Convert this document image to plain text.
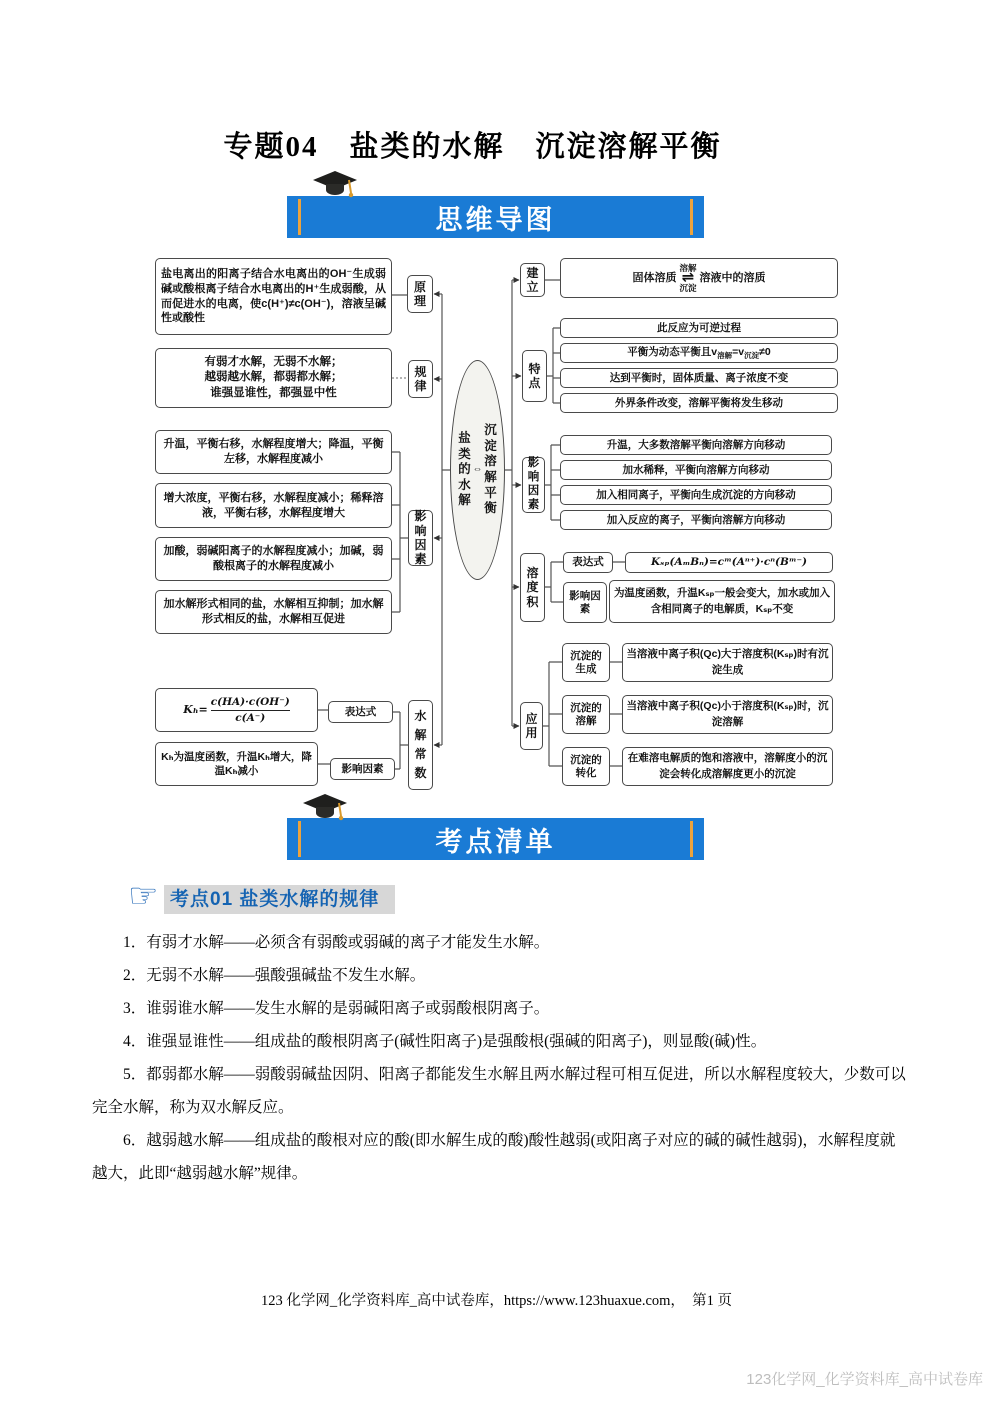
专题04　盐类的水解　沉淀溶解平衡
思维导图
盐电离出的阳离子结合水电离出的OH⁻生成弱碱或酸根离子结合水电离出的H⁺生成弱酸，从而促进水的电离，使c(H⁺)≠c(OH⁻)，溶液呈碱性或酸性
有弱才水解，无弱不水解；
越弱越水解，都弱都水解；
谁强显谁性，都强显中性
升温，平衡右移，水解程度增大；降温，平衡左移，水解程度减小
增大浓度，平衡右移，水解程度减小；稀释溶液，平衡右移，水解程度增大
加酸，弱碱阳离子的水解程度减小；加碱，弱酸根离子的水解程度减小
加水解形式相同的盐，水解相互抑制；加水解形式相反的盐，水解相互促进
$K_h= \frac{c(HA)\cdot c(OH^-)}{c(A^-)}$
Kₕ为温度函数，升温Kₕ增大，降温Kₕ减小
表达式
影响因素
原理
规律
影响因素
水解常数
盐类的水解
⇔
沉淀溶解平衡
建立
特点
影响因素
溶度积
应用
固体溶质
溶解
⇌
沉淀
溶液中的溶质
此反应为可逆过程
平衡为动态平衡且$v_{溶解}=v_{沉淀}\ne 0$
达到平衡时，固体质量、离子浓度不变
外界条件改变，溶解平衡将发生移动
升温，大多数溶解平衡向溶解方向移动
加水稀释，平衡向溶解方向移动
加入相同离子，平衡向生成沉淀的方向移动
加入反应的离子，平衡向溶解方向移动
表达式	Kₛₚ(AₘBₙ)=cᵐ(Aⁿ⁺)·cⁿ(Bᵐ⁻)
影响因素
为温度函数，升温Kₛₚ一般会变大，加水或加入含相同离子的电解质，Kₛₚ不变
沉淀的生成
当溶液中离子积(Qc)大于溶度积(Kₛₚ)时有沉淀生成
沉淀的溶解
当溶液中离子积(Qc)小于溶度积(Kₛₚ)时，沉淀溶解
沉淀的转化
在难溶电解质的饱和溶液中，溶解度小的沉淀会转化成溶解度更小的沉淀
考点清单
☞ 考点01 盐类水解的规律

1．有弱才水解——必须含有弱酸或弱碱的离子才能发生水解。

2．无弱不水解——强酸强碱盐不发生水解。

3．谁弱谁水解——发生水解的是弱碱阳离子或弱酸根阴离子。

4．谁强显谁性——组成盐的酸根阴离子(碱性阳离子)是强酸根(强碱的阳离子)，则显酸(碱)性。

5．都弱都水解——弱酸弱碱盐因阴、阳离子都能发生水解且两水解过程可相互促进，所以水解程度较大，少数可以完全水解，称为双水解反应。

6．越弱越水解——组成盐的酸根对应的酸(即水解生成的酸)酸性越弱(或阳离子对应的碱的碱性越弱)，水解程度就越大，此即“越弱越水解”规律。

123 化学网_化学资料库_高中试卷库，https://www.123huaxue.com，　第1 页
123化学网_化学资料库_高中试卷库
